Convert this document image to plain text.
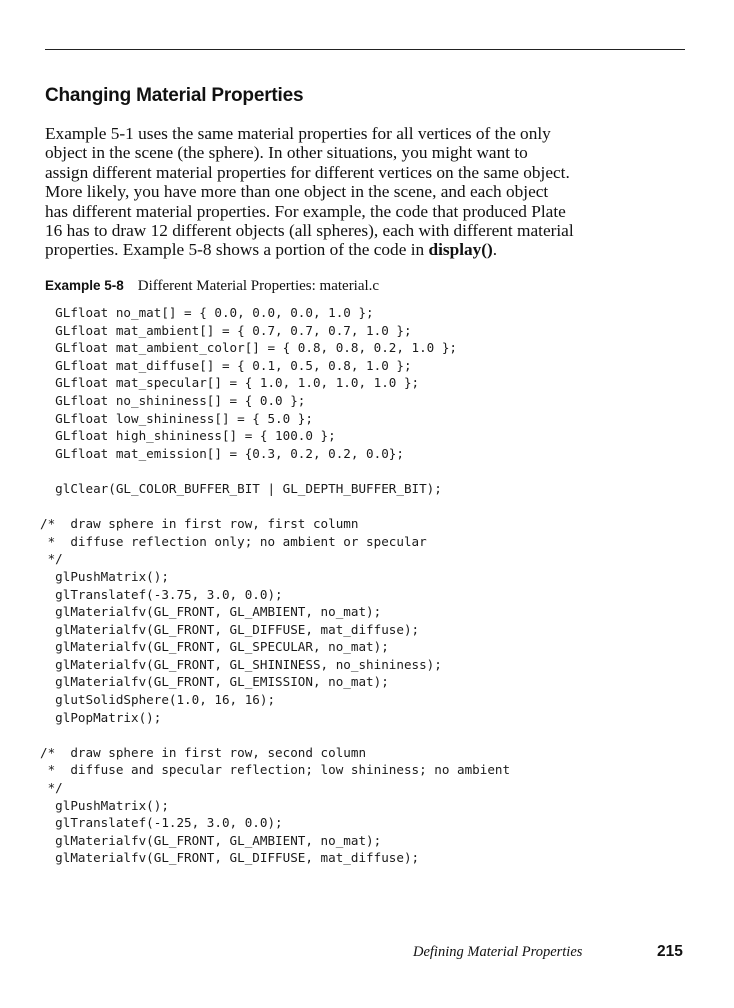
Changing Material Properties
Example 5-1 uses the same material properties for all vertices of the only
object in the scene (the sphere). In other situations, you might want to
assign different material properties for different vertices on the same object.
More likely, you have more than one object in the scene, and each object
has different material properties. For example, the code that produced Plate
16 has to draw 12 different objects (all spheres), each with different material
properties. Example 5-8 shows a portion of the code in display().
Example 5-8 Different Material Properties: material.c
GLfloat no_mat[] = { 0.0, 0.0, 0.0, 1.0 };
GLfloat mat_ambient[] = { 0.7, 0.7, 0.7, 1.0 };
GLfloat mat_ambient_color[] = { 0.8, 0.8, 0.2, 1.0 };
GLfloat mat_diffuse[] = { 0.1, 0.5, 0.8, 1.0 };
GLfloat mat_specular[] = { 1.0, 1.0, 1.0, 1.0 };
GLfloat no_shininess[] = { 0.0 };
GLfloat low_shininess[] = { 5.0 };
GLfloat high_shininess[] = { 100.0 };
GLfloat mat_emission[] = {0.3, 0.2, 0.2, 0.0};
glClear(GL_COLOR_BUFFER_BIT | GL_DEPTH_BUFFER_BIT);
/*  draw sphere in first row, first column
*  diffuse reflection only; no ambient or specular
*/
glPushMatrix();
glTranslatef(-3.75, 3.0, 0.0);
glMaterialfv(GL_FRONT, GL_AMBIENT, no_mat);
glMaterialfv(GL_FRONT, GL_DIFFUSE, mat_diffuse);
glMaterialfv(GL_FRONT, GL_SPECULAR, no_mat);
glMaterialfv(GL_FRONT, GL_SHININESS, no_shininess);
glMaterialfv(GL_FRONT, GL_EMISSION, no_mat);
glutSolidSphere(1.0, 16, 16);
glPopMatrix();
/*  draw sphere in first row, second column
*  diffuse and specular reflection; low shininess; no ambient
*/
glPushMatrix();
glTranslatef(-1.25, 3.0, 0.0);
glMaterialfv(GL_FRONT, GL_AMBIENT, no_mat);
glMaterialfv(GL_FRONT, GL_DIFFUSE, mat_diffuse);
Defining Material Properties	215
